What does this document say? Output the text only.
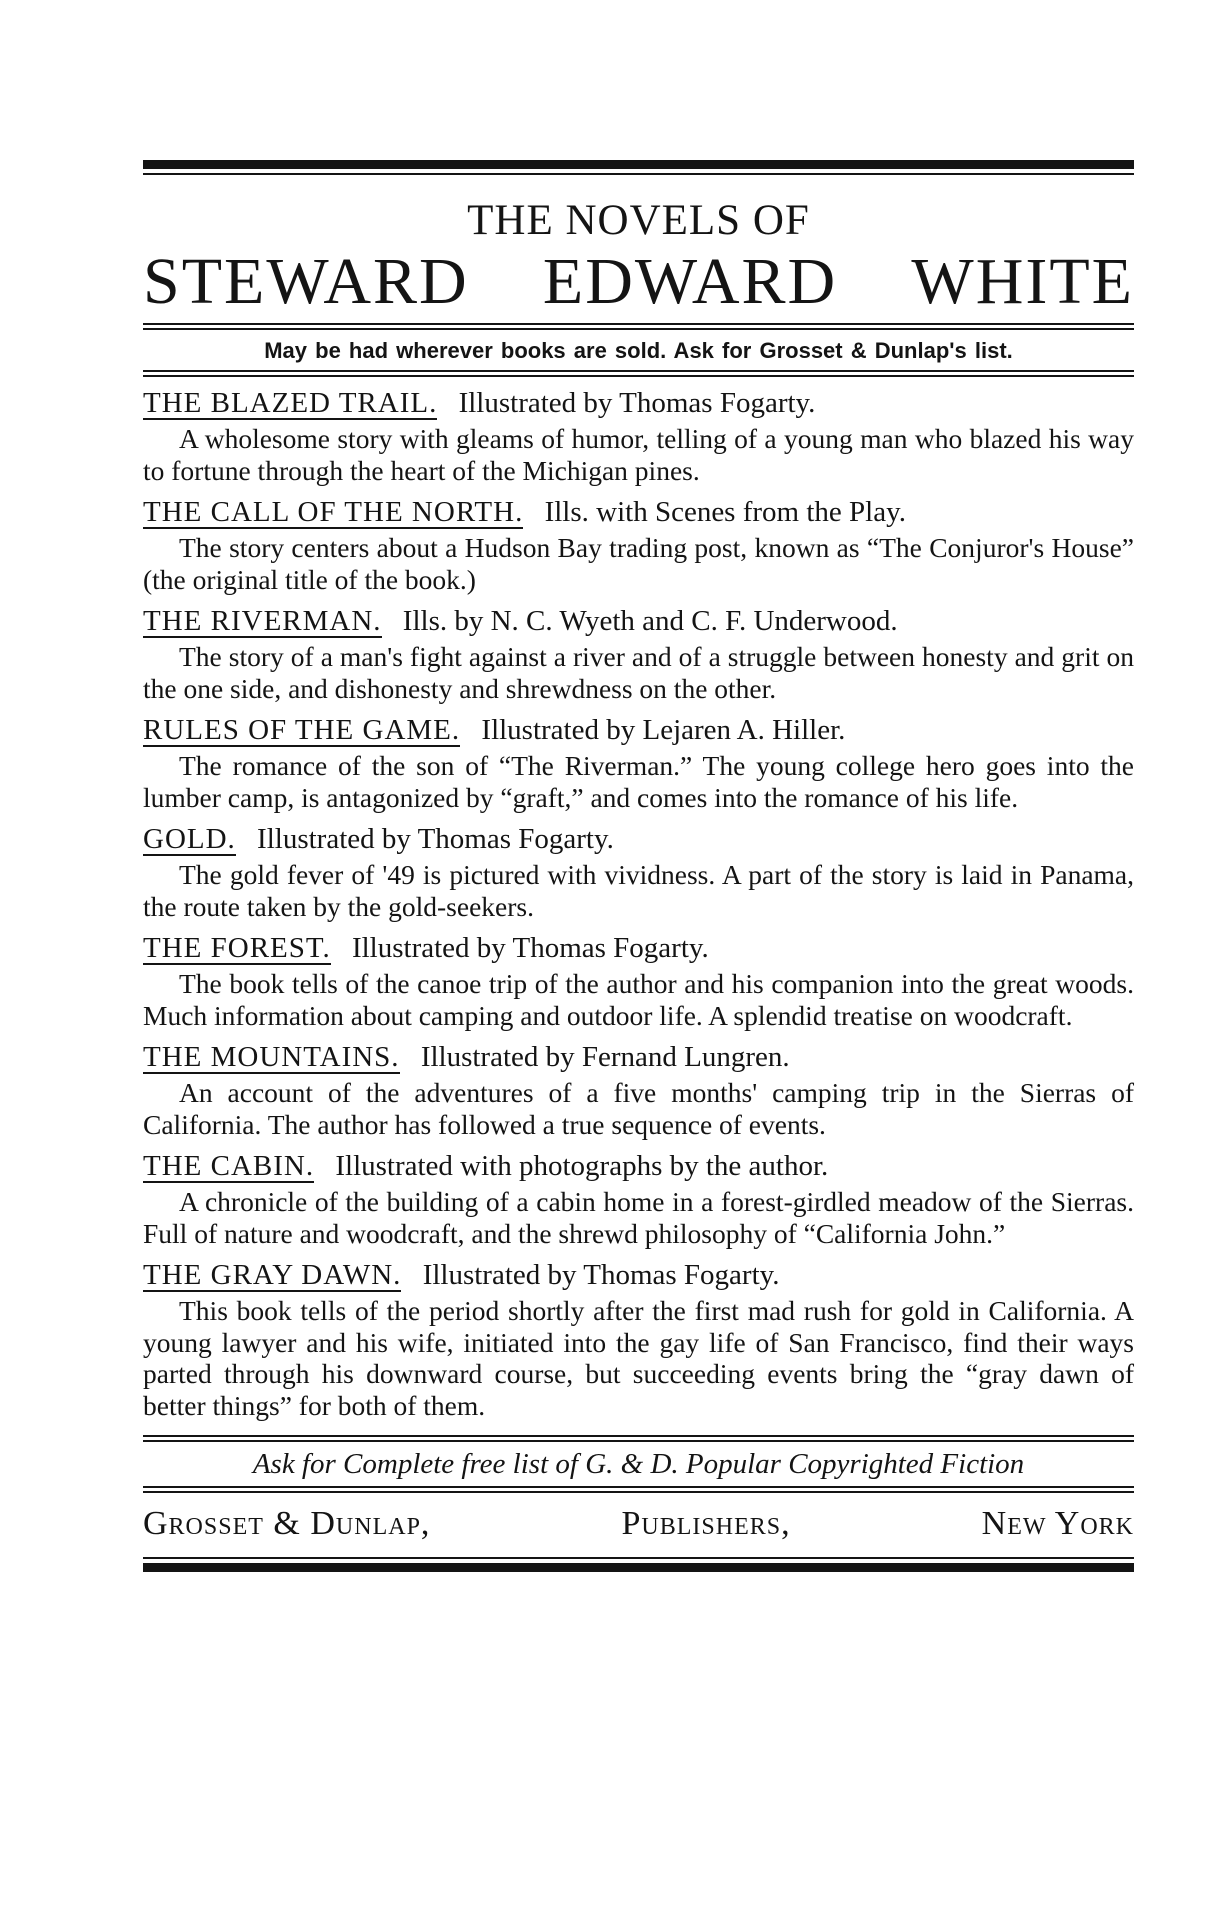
THE NOVELS OF
STEWARD EDWARD WHITE
May be had wherever books are sold. Ask for Grosset & Dunlap's list.
THE BLAZED TRAIL. Illustrated by Thomas Fogarty.
A wholesome story with gleams of humor, telling of a young man who blazed his way to fortune through the heart of the Michigan pines.
THE CALL OF THE NORTH. Ills. with Scenes from the Play.
The story centers about a Hudson Bay trading post, known as “The Conjuror's House” (the original title of the book.)
THE RIVERMAN. Ills. by N. C. Wyeth and C. F. Underwood.
The story of a man's fight against a river and of a struggle between honesty and grit on the one side, and dishonesty and shrewdness on the other.
RULES OF THE GAME. Illustrated by Lejaren A. Hiller.
The romance of the son of “The Riverman.” The young college hero goes into the lumber camp, is antagonized by “graft,” and comes into the romance of his life.
GOLD. Illustrated by Thomas Fogarty.
The gold fever of '49 is pictured with vividness. A part of the story is laid in Panama, the route taken by the gold-seekers.
THE FOREST. Illustrated by Thomas Fogarty.
The book tells of the canoe trip of the author and his companion into the great woods. Much information about camping and outdoor life. A splendid treatise on woodcraft.
THE MOUNTAINS. Illustrated by Fernand Lungren.
An account of the adventures of a five months' camping trip in the Sierras of California. The author has followed a true sequence of events.
THE CABIN. Illustrated with photographs by the author.
A chronicle of the building of a cabin home in a forest-girdled meadow of the Sierras. Full of nature and woodcraft, and the shrewd philosophy of “California John.”
THE GRAY DAWN. Illustrated by Thomas Fogarty.
This book tells of the period shortly after the first mad rush for gold in California. A young lawyer and his wife, initiated into the gay life of San Francisco, find their ways parted through his downward course, but succeeding events bring the “gray dawn of better things” for both of them.
Ask for Complete free list of G. & D. Popular Copyrighted Fiction
Grosset & Dunlap,	Publishers,	New York
